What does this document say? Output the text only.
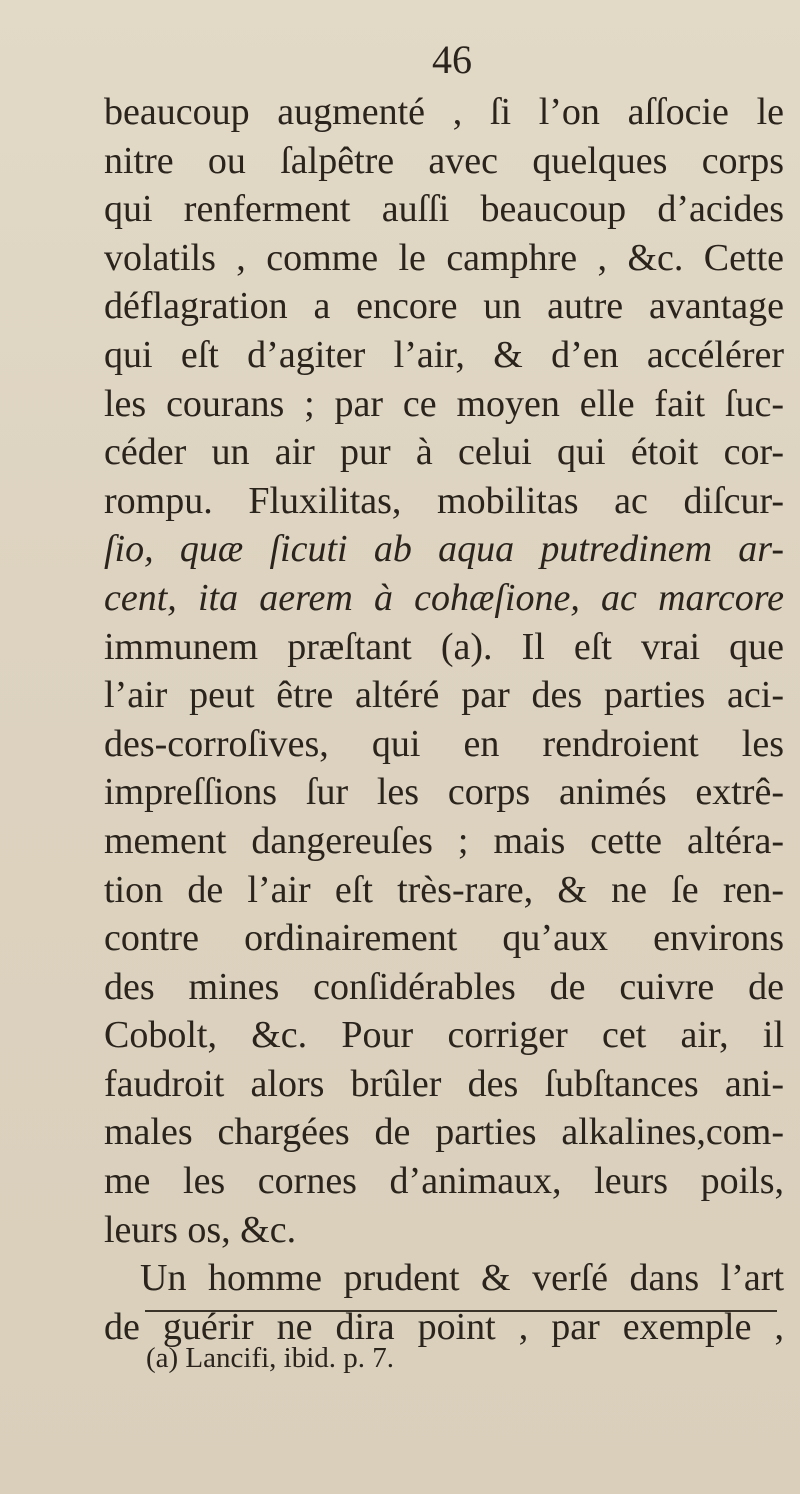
46
beaucoup augmenté , ſi l’on aſſocie le
nitre ou ſalpêtre avec quelques corps
qui renferment auſſi beaucoup d’acides
volatils , comme le camphre , &c. Cette
déflagration a encore un autre avantage
qui eſt d’agiter l’air, & d’en accélérer
les courans ; par ce moyen elle fait ſuc-
céder un air pur à celui qui étoit cor-
rompu. Fluxilitas, mobilitas ac diſcur-
ſio, quæ ſicuti ab aqua putredinem ar-
cent, ita aerem à cohæſione, ac marcore
immunem præſtant (a). Il eſt vrai que
l’air peut être altéré par des parties aci-
des-corroſives, qui en rendroient les
impreſſions ſur les corps animés extrê-
mement dangereuſes ; mais cette altéra-
tion de l’air eſt très-rare, & ne ſe ren-
contre ordinairement qu’aux environs
des mines conſidérables de cuivre de
Cobolt, &c. Pour corriger cet air, il
faudroit alors brûler des ſubſtances ani-
males chargées de parties alkalines,com-
me les cornes d’animaux, leurs poils,
leurs os, &c.
Un homme prudent & verſé dans l’art
de guérir ne dira point , par exemple ,
(a) Lancifi, ibid. p. 7.
